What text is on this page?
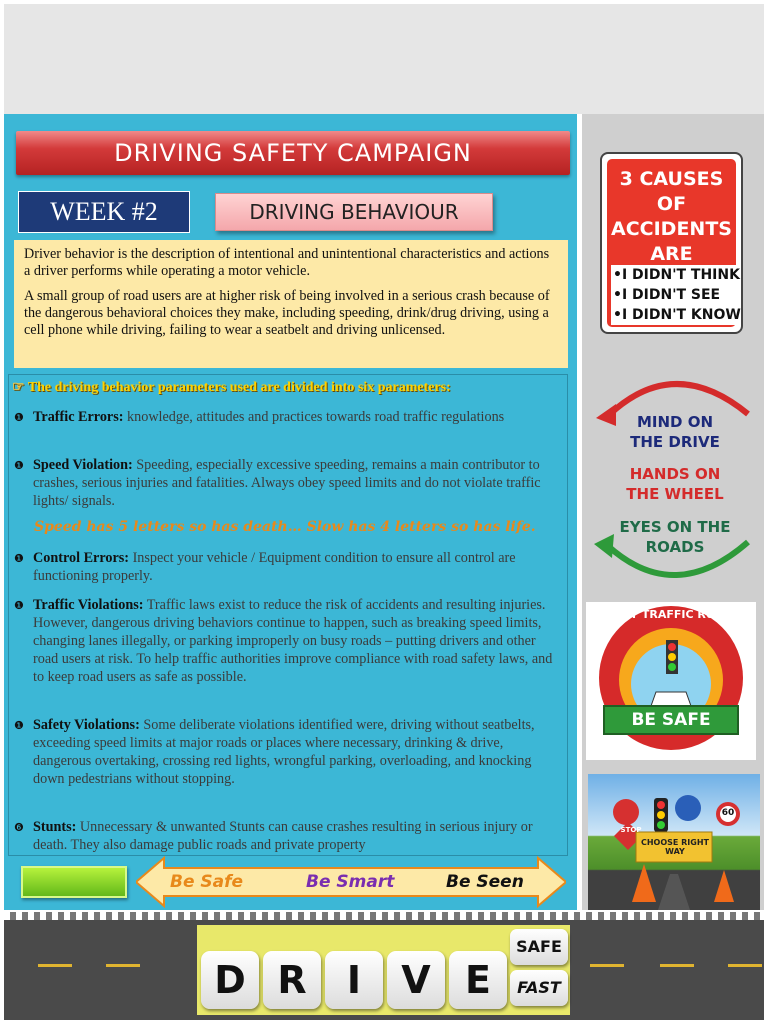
DRIVING SAFETY CAMPAIGN
WEEK #2	DRIVING BEHAVIOUR

Driver behavior is the description of intentional and unintentional characteristics and actions a driver performs while operating a motor vehicle.

A small group of road users are at higher risk of being involved in a serious crash because of the dangerous behavioral choices they make, including speeding, drink/drug driving, using a cell phone while driving, failing to wear a seatbelt and driving unlicensed.

☞ The driving behavior parameters used are divided into six parameters:
❶ Traffic Errors: knowledge, attitudes and practices towards road traffic regulations
❶ Speed Violation: Speeding, especially excessive speeding, remains a main contributor to crashes, serious injuries and fatalities. Always obey speed limits and do not violate traffic lights/ signals.
Speed has 5 letters so has death… Slow has 4 letters so has life.
❶ Control Errors: Inspect your vehicle / Equipment condition to ensure all control are functioning properly.
❶ Traffic Violations: Traffic laws exist to reduce the risk of accidents and resulting injuries. However, dangerous driving behaviors continue to happen, such as breaking speed limits, changing lanes illegally, or parking improperly on busy roads – putting drivers and other road users at risk. To help traffic authorities improve compliance with road safety laws, and to keep road users as safe as possible.
❶ Safety Violations: Some deliberate violations identified were, driving without seatbelts, exceeding speed limits at major roads or places where necessary, drinking & drive, dangerous overtaking, crossing red lights, wrongful parking, overloading, and knocking down pedestrians without stopping.
❻ Stunts: Unnecessary & unwanted Stunts can cause crashes resulting in serious injury or death. They also damage public roads and private property
Be Safe	Be Smart	Be Seen
3 CAUSES
OF
ACCIDENTS
ARE
•I DIDN'T THINK
•I DIDN'T SEE
•I DIDN'T KNOW
MIND ON
THE DRIVE
HANDS ON
THE WHEEL
EYES ON THE
ROADS
OBEY TRAFFIC RULES
BE SAFE
STOP
60
CHOOSE RIGHT WAY
D R	I	V E
SAFE
FAST
